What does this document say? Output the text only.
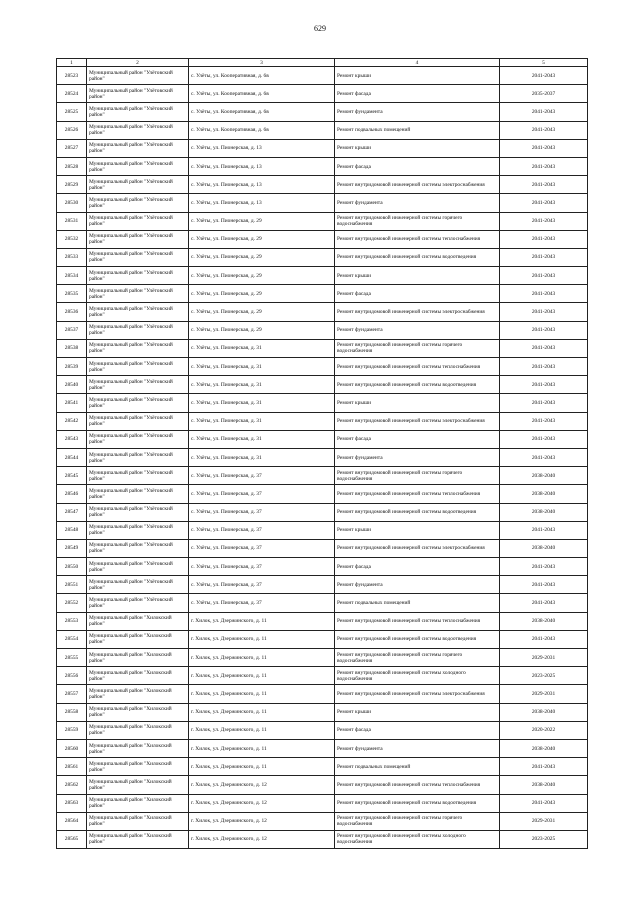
629
1	2	3	4	5
28523	Муниципальный район "Улётовский район"	с. Улёты, ул. Кооперативная, д. 6в	Ремонт крыши	2041-2043
28524	Муниципальный район "Улётовский район"	с. Улёты, ул. Кооперативная, д. 6в	Ремонт фасада	2035-2037
28525	Муниципальный район "Улётовский район"	с. Улёты, ул. Кооперативная, д. 6в	Ремонт фундамента	2041-2043
28526	Муниципальный район "Улётовский район"	с. Улёты, ул. Кооперативная, д. 6в	Ремонт подвальных помещений	2041-2043
28527	Муниципальный район "Улётовский район"	с. Улёты, ул. Пионерская, д. 13	Ремонт крыши	2041-2043
28528	Муниципальный район "Улётовский район"	с. Улёты, ул. Пионерская, д. 13	Ремонт фасада	2041-2043
28529	Муниципальный район "Улётовский район"	с. Улёты, ул. Пионерская, д. 13	Ремонт внутридомовой инженерной системы электроснабжения	2041-2043
28530	Муниципальный район "Улётовский район"	с. Улёты, ул. Пионерская, д. 13	Ремонт фундамента	2041-2043
28531	Муниципальный район "Улётовский район"	с. Улёты, ул. Пионерская, д. 29	Ремонт внутридомовой инженерной системы горячего водоснабжения	2041-2043
28532	Муниципальный район "Улётовский район"	с. Улёты, ул. Пионерская, д. 29	Ремонт внутридомовой инженерной системы теплоснабжения	2041-2043
28533	Муниципальный район "Улётовский район"	с. Улёты, ул. Пионерская, д. 29	Ремонт внутридомовой инженерной системы водоотведения	2041-2043
28534	Муниципальный район "Улётовский район"	с. Улёты, ул. Пионерская, д. 29	Ремонт крыши	2041-2043
28535	Муниципальный район "Улётовский район"	с. Улёты, ул. Пионерская, д. 29	Ремонт фасада	2041-2043
28536	Муниципальный район "Улётовский район"	с. Улёты, ул. Пионерская, д. 29	Ремонт внутридомовой инженерной системы электроснабжения	2041-2043
28537	Муниципальный район "Улётовский район"	с. Улёты, ул. Пионерская, д. 29	Ремонт фундамента	2041-2043
28538	Муниципальный район "Улётовский район"	с. Улёты, ул. Пионерская, д. 31	Ремонт внутридомовой инженерной системы горячего водоснабжения	2041-2043
28539	Муниципальный район "Улётовский район"	с. Улёты, ул. Пионерская, д. 31	Ремонт внутридомовой инженерной системы теплоснабжения	2041-2043
28540	Муниципальный район "Улётовский район"	с. Улёты, ул. Пионерская, д. 31	Ремонт внутридомовой инженерной системы водоотведения	2041-2043
28541	Муниципальный район "Улётовский район"	с. Улёты, ул. Пионерская, д. 31	Ремонт крыши	2041-2043
28542	Муниципальный район "Улётовский район"	с. Улёты, ул. Пионерская, д. 31	Ремонт внутридомовой инженерной системы электроснабжения	2041-2043
28543	Муниципальный район "Улётовский район"	с. Улёты, ул. Пионерская, д. 31	Ремонт фасада	2041-2043
28544	Муниципальный район "Улётовский район"	с. Улёты, ул. Пионерская, д. 31	Ремонт фундамента	2041-2043
28545	Муниципальный район "Улётовский район"	с. Улёты, ул. Пионерская, д. 37	Ремонт внутридомовой инженерной системы горячего водоснабжения	2038-2040
28546	Муниципальный район "Улётовский район"	с. Улёты, ул. Пионерская, д. 37	Ремонт внутридомовой инженерной системы теплоснабжения	2038-2040
28547	Муниципальный район "Улётовский район"	с. Улёты, ул. Пионерская, д. 37	Ремонт внутридомовой инженерной системы водоотведения	2038-2040
28548	Муниципальный район "Улётовский район"	с. Улёты, ул. Пионерская, д. 37	Ремонт крыши	2041-2043
28549	Муниципальный район "Улётовский район"	с. Улёты, ул. Пионерская, д. 37	Ремонт внутридомовой инженерной системы электроснабжения	2038-2040
28550	Муниципальный район "Улётовский район"	с. Улёты, ул. Пионерская, д. 37	Ремонт фасада	2041-2043
28551	Муниципальный район "Улётовский район"	с. Улёты, ул. Пионерская, д. 37	Ремонт фундамента	2041-2043
28552	Муниципальный район "Улётовский район"	с. Улёты, ул. Пионерская, д. 37	Ремонт подвальных помещений	2041-2043
28553	Муниципальный район "Хилокский район"	г. Хилок, ул. Дзержинского, д. 11	Ремонт внутридомовой инженерной системы теплоснабжения	2038-2040
28554	Муниципальный район "Хилокский район"	г. Хилок, ул. Дзержинского, д. 11	Ремонт внутридомовой инженерной системы водоотведения	2041-2043
28555	Муниципальный район "Хилокский район"	г. Хилок, ул. Дзержинского, д. 11	Ремонт внутридомовой инженерной системы горячего водоснабжения	2029-2031
28556	Муниципальный район "Хилокский район"	г. Хилок, ул. Дзержинского, д. 11	Ремонт внутридомовой инженерной системы холодного водоснабжения	2023-2025
28557	Муниципальный район "Хилокский район"	г. Хилок, ул. Дзержинского, д. 11	Ремонт внутридомовой инженерной системы электроснабжения	2029-2031
28558	Муниципальный район "Хилокский район"	г. Хилок, ул. Дзержинского, д. 11	Ремонт крыши	2038-2040
28559	Муниципальный район "Хилокский район"	г. Хилок, ул. Дзержинского, д. 11	Ремонт фасада	2020-2022
28560	Муниципальный район "Хилокский район"	г. Хилок, ул. Дзержинского, д. 11	Ремонт фундамента	2038-2040
28561	Муниципальный район "Хилокский район"	г. Хилок, ул. Дзержинского, д. 11	Ремонт подвальных помещений	2041-2043
28562	Муниципальный район "Хилокский район"	г. Хилок, ул. Дзержинского, д. 12	Ремонт внутридомовой инженерной системы теплоснабжения	2038-2040
28563	Муниципальный район "Хилокский район"	г. Хилок, ул. Дзержинского, д. 12	Ремонт внутридомовой инженерной системы водоотведения	2041-2043
28564	Муниципальный район "Хилокский район"	г. Хилок, ул. Дзержинского, д. 12	Ремонт внутридомовой инженерной системы горячего водоснабжения	2029-2031
28565	Муниципальный район "Хилокский район"	г. Хилок, ул. Дзержинского, д. 12	Ремонт внутридомовой инженерной системы холодного водоснабжения	2023-2025
